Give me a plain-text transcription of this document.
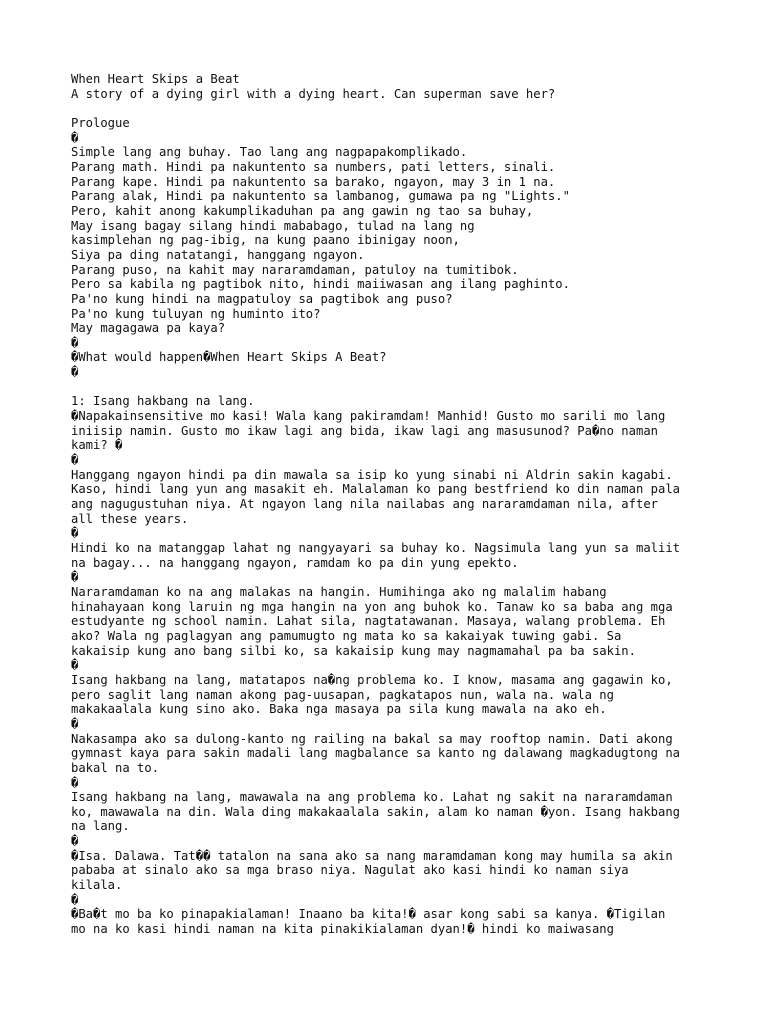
When Heart Skips a Beat
A story of a dying girl with a dying heart. Can superman save her?

Prologue
�
Simple lang ang buhay. Tao lang ang nagpapakomplikado.
Parang math. Hindi pa nakuntento sa numbers, pati letters, sinali.
Parang kape. Hindi pa nakuntento sa barako, ngayon, may 3 in 1 na.
Parang alak, Hindi pa nakuntento sa lambanog, gumawa pa ng "Lights."
Pero, kahit anong kakumplikaduhan pa ang gawin ng tao sa buhay,
May isang bagay silang hindi mababago, tulad na lang ng
kasimplehan ng pag-ibig, na kung paano ibinigay noon,
Siya pa ding natatangi, hanggang ngayon.
Parang puso, na kahit may nararamdaman, patuloy na tumitibok.
Pero sa kabila ng pagtibok nito, hindi maiiwasan ang ilang paghinto.
Pa'no kung hindi na magpatuloy sa pagtibok ang puso?
Pa'no kung tuluyan ng huminto ito?
May magagawa pa kaya?
�
�What would happen�When Heart Skips A Beat?
�

1: Isang hakbang na lang.
�Napakainsensitive mo kasi! Wala kang pakiramdam! Manhid! Gusto mo sarili mo lang
iniisip namin. Gusto mo ikaw lagi ang bida, ikaw lagi ang masusunod? Pa�no naman
kami? �
�
Hanggang ngayon hindi pa din mawala sa isip ko yung sinabi ni Aldrin sakin kagabi.
Kaso, hindi lang yun ang masakit eh. Malalaman ko pang bestfriend ko din naman pala
ang nagugustuhan niya. At ngayon lang nila nailabas ang nararamdaman nila, after
all these years.
�
Hindi ko na matanggap lahat ng nangyayari sa buhay ko. Nagsimula lang yun sa maliit
na bagay... na hanggang ngayon, ramdam ko pa din yung epekto.
�
Nararamdaman ko na ang malakas na hangin. Humihinga ako ng malalim habang
hinahayaan kong laruin ng mga hangin na yon ang buhok ko. Tanaw ko sa baba ang mga
estudyante ng school namin. Lahat sila, nagtatawanan. Masaya, walang problema. Eh
ako? Wala ng paglagyan ang pamumugto ng mata ko sa kakaiyak tuwing gabi. Sa
kakaisip kung ano bang silbi ko, sa kakaisip kung may nagmamahal pa ba sakin.
�
Isang hakbang na lang, matatapos na�ng problema ko. I know, masama ang gagawin ko,
pero saglit lang naman akong pag-uusapan, pagkatapos nun, wala na. wala ng
makakaalala kung sino ako. Baka nga masaya pa sila kung mawala na ako eh.
�
Nakasampa ako sa dulong-kanto ng railing na bakal sa may rooftop namin. Dati akong
gymnast kaya para sakin madali lang magbalance sa kanto ng dalawang magkadugtong na
bakal na to.
�
Isang hakbang na lang, mawawala na ang problema ko. Lahat ng sakit na nararamdaman
ko, mawawala na din. Wala ding makakaalala sakin, alam ko naman �yon. Isang hakbang
na lang.
�
�Isa. Dalawa. Tat�� tatalon na sana ako sa nang maramdaman kong may humila sa akin
pababa at sinalo ako sa mga braso niya. Nagulat ako kasi hindi ko naman siya
kilala.
�
�Ba�t mo ba ko pinapakialaman! Inaano ba kita!� asar kong sabi sa kanya. �Tigilan
mo na ko kasi hindi naman na kita pinakikialaman dyan!� hindi ko maiwasang
